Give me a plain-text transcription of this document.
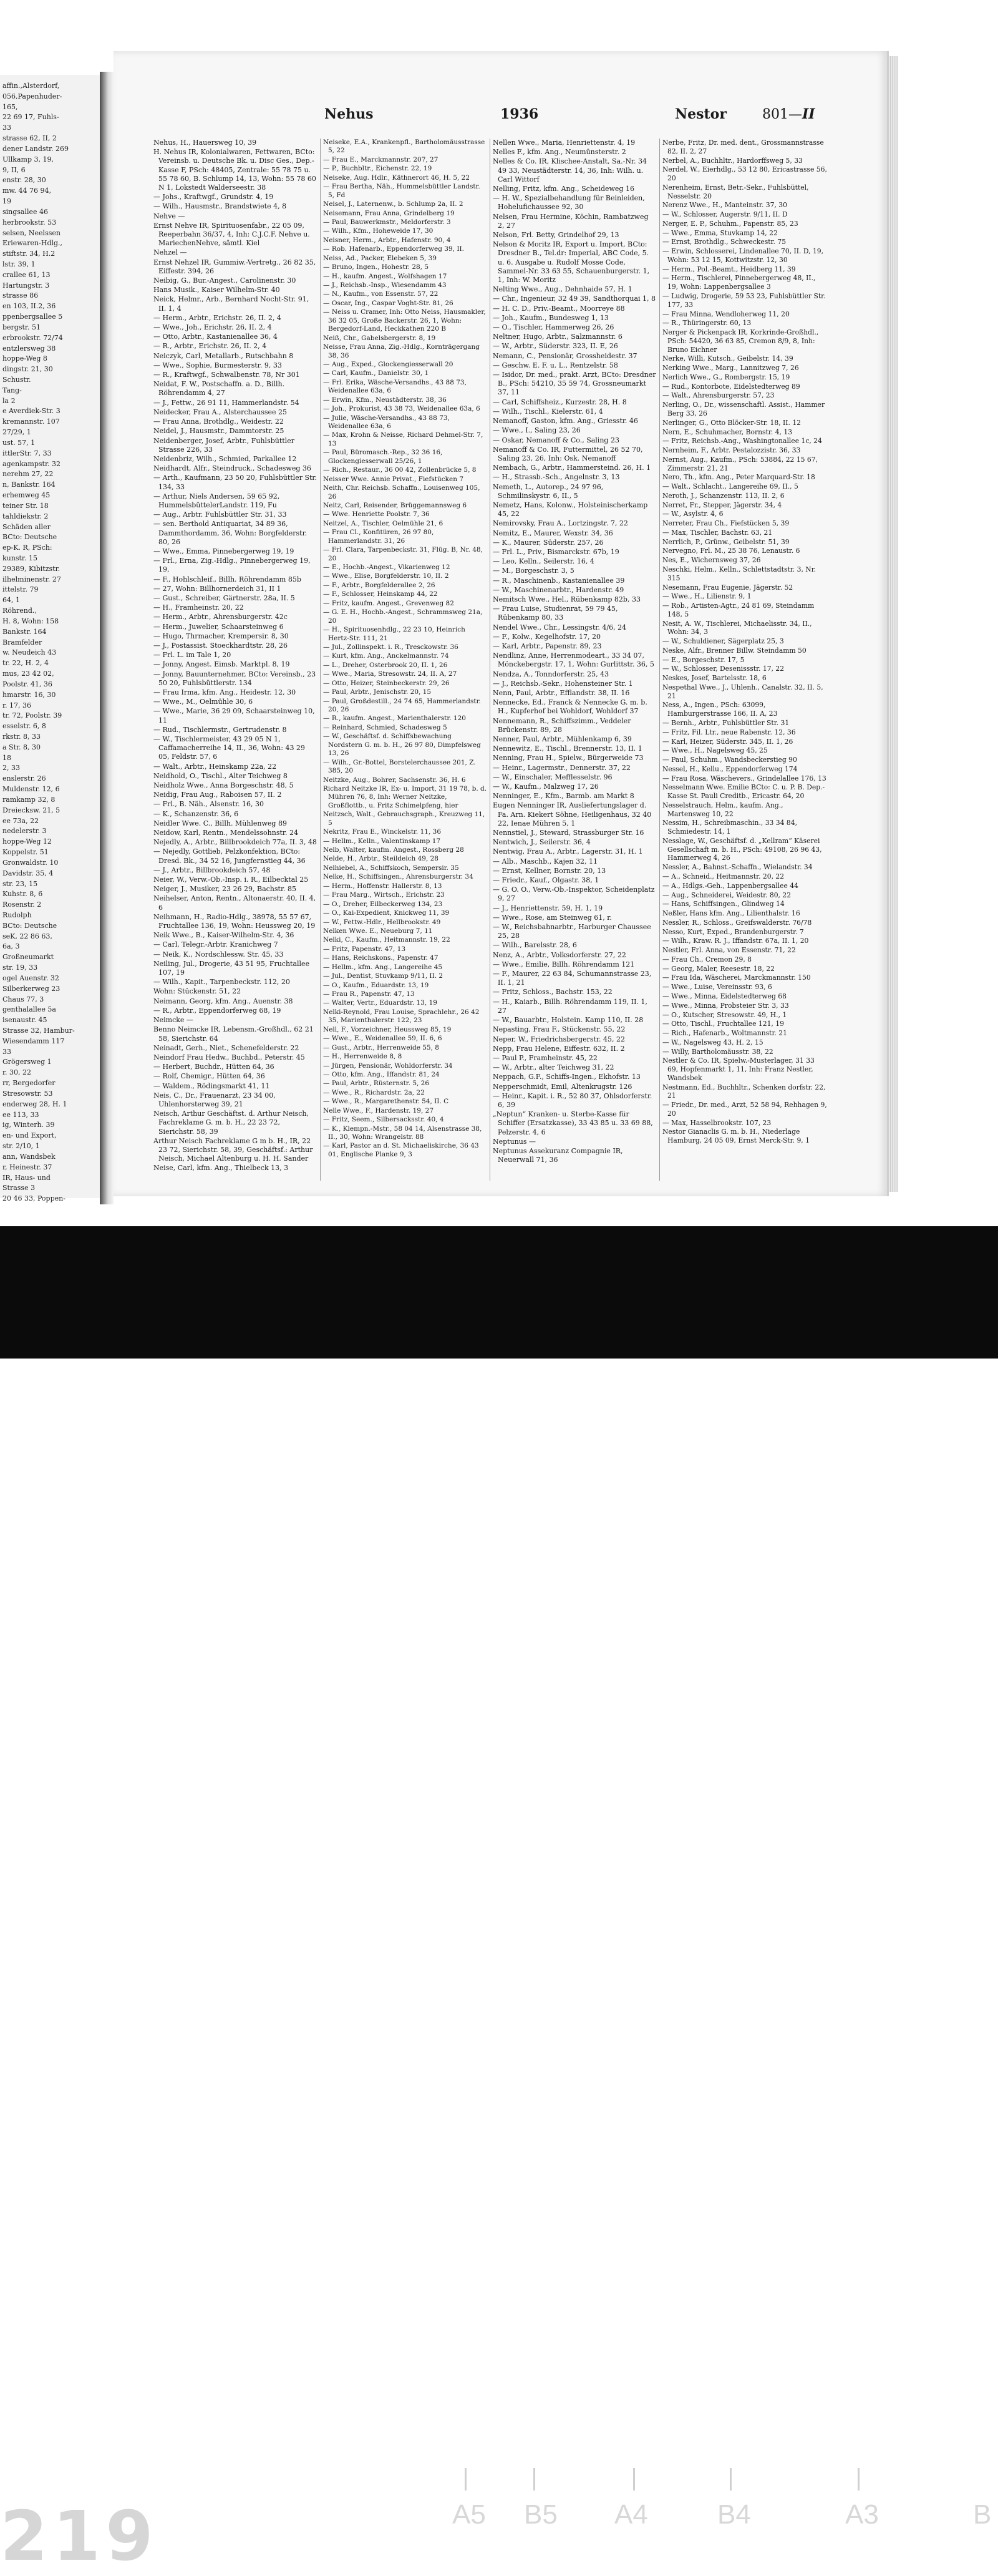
affin.,Alsterdorf,
056,Papenhuder-
165,
22 69 17, Fuhls-
33
strasse 62, II, 2
dener Landstr. 269
Ullkamp 3, 19,
9, II, 6
enstr. 28, 30
mw. 44 76 94,
19
singsallee 46
herbrookstr. 53
selsen, Neelssen
Eriewaren-Hdlg.,
stiftstr. 34, H.2
lstr. 39, 1
crallee 61, 13
Hartungstr. 3
strasse 86
en 103, II.2, 36
ppenbergsallee 5
bergstr. 51
erbrookstr. 72/74
entzlersweg 38
hoppe-Weg 8
dingstr. 21, 30
Schustr.
Tang-
la 2
e Averdiek-Str. 3
kremannstr. 107
27/29, 1
ust. 57, 1
ittlerStr. 7, 33
agenkampstr. 32
nerehm 27, 22
n, Bankstr. 164
erhemweg 45
teiner Str. 18
tahldiekstr. 2
Schäden aller
BCto: Deutsche
ep-K. R, PSch:
kunstr. 15
29389, Kibitzstr.
ilhelminenstr. 27
ittelstr. 79
64, 1
Röhrend.,
H. 8, Wohn: 158
Bankstr. 164
Bramfelder
w. Neudeich 43
tr. 22, H. 2, 4
mus, 23 42 02,
Poolstr. 41, 36
hmarstr. 16, 30
r. 17, 36
tr. 72, Poolstr. 39
esselstr. 6, 8
rkstr. 8, 33
a Str. 8, 30
18
2, 33
enslerstr. 26
Muldenstr. 12, 6
ramkamp 32, 8
Dreiecksw. 21, 5
ee 73a, 22
nedelerstr. 3
hoppe-Weg 12
Koppelstr. 51
Gronwaldstr. 10
Davidstr. 35, 4
str. 23, 15
Kuhstr. 8, 6
Rosenstr. 2
Rudolph
BCto: Deutsche
seK, 22 86 63,
6a, 3
Großneumarkt
str. 19, 33
ogel Auenstr. 32
Silberkerweg 23
Chaus 77, 3
genthalallee 5a
isenaustr. 45
Strasse 32, Hambur-
Wiesendamm 117
33
Grögersweg 1
r. 30, 22
rr, Bergedorfer
Stresowstr. 53
enderweg 28, H. 1
ee 113, 33
ig, Winterh. 39
en- und Export,
str. 2/10, 1
ann, Wandsbek
r, Heinestr. 37
IR, Haus- und
Strasse 3
20 46 33, Poppen-
Nehus	1936	Nestor	801—II
Nehus, H., Hauersweg 10, 39
H. Nehus IR, Kolonialwaren, Fettwaren, BCto: Vereinsb. u. Deutsche Bk. u. Disc Ges., Dep.-Kasse F, PSch: 48405, Zentrale: 55 78 75 u. 55 78 60, B. Schlump 14, 13, Wohn: 55 78 60 N 1, Lokstedt Walderseestr. 38
— Johs., Kraftwgf., Grundstr. 4, 19
— Wilh., Hausmstr., Brandstwiete 4, 8
Nehve —
Ernst Nehve IR, Spirituosenfabr., 22 05 09, Reeperbahn 36/37, 4, Inh: C.J.C.F. Nehve u. MariechenNehve, sämtl. Kiel
Nehzel —
Ernst Nehzel IR, Gummiw.-Vertretg., 26 82 35, Eiffestr. 394, 26
Neibig, G., Bur.-Angest., Carolinenstr. 30
Hans Musik., Kaiser Wilhelm-Str. 40
Neick, Helmr., Arb., Bernhard Nocht-Str. 91, II. 1, 4
— Herm., Arbtr., Erichstr. 26, II. 2, 4
— Wwe., Joh., Erichstr. 26, II. 2, 4
— Otto, Arbtr., Kastanienallee 36, 4
— R., Arbtr., Erichstr. 26, II. 2, 4
Neiczyk, Carl, Metallarb., Rutschbahn 8
— Wwe., Sophie, Burmesterstr. 9, 33
— R., Kraftwgf., Schwalbenstr. 78, Nr 301
Neidat, F. W., Postschaffn. a. D., Billh. Röhrendamm 4, 27
— J., Fettw., 26 91 11, Hammerlandstr. 54
Neidecker, Frau A., Alsterchaussee 25
— Frau Anna, Brothdlg., Weidestr. 22
Neidel, J., Hausmstr., Dammtorstr. 25
Neidenberger, Josef, Arbtr., Fuhlsbüttler Strasse 226, 33
Neidenbriz, Wilh., Schmied, Parkallee 12
Neidhardt, Alfr., Steindruck., Schadesweg 36
— Arth., Kaufmann, 23 50 20, Fuhlsbüttler Str. 134, 33
— Arthur, Niels Andersen, 59 65 92, HummelsbüttelerLandstr. 119, Fu
— Aug., Arbtr. Fuhlsbüttler Str. 31, 33
— sen. Berthold Antiquariat, 34 89 36, Dammthordamm, 36, Wohn: Borgfelderstr. 80, 26
— Wwe., Emma, Pinnebergerweg 19, 19
— Frl., Erna, Zig.-Hdlg., Pinnebergerweg 19, 19,
— F., Hohlschleif., Billh. Röhrendamm 85b
— 27, Wohn: Billhornerdeich 31, II 1
— Gust., Schreiber, Gärtnerstr. 28a, II. 5
— H., Framheinstr. 20, 22
— Herm., Arbtr., Ahrensburgerstr. 42c
— Herm., Juwelier, Schaarsteinweg 6
— Hugo, Thrmacher, Krempersir. 8, 30
— J., Postassist. Stoeckhardtstr. 28, 26
— Frl. L. im Tale 1, 20
— Jonny, Angest. Eimsb. Marktpl. 8, 19
— Jonny, Bauunternehmer, BCto: Vereinsb., 23 50 20, Fuhlsbüttlerstr. 134
— Frau Irma, kfm. Ang., Heidestr. 12, 30
— Wwe., M., Oelmühle 30, 6
— Wwe., Marie, 36 29 09, Schaarsteinweg 10, 11
— Rud., Tischlermstr., Gertrudenstr. 8
— W., Tischlermeister, 43 29 05 N 1, Caffamacherreihe 14, II., 36, Wohn: 43 29 05, Feldstr. 57, 6
— Walt., Arbtr., Heinskamp 22a, 22
Neidhold, O., Tischl., Alter Teichweg 8
Neidholz Wwe., Anna Borgeschstr. 48, 5
Neidig, Frau Aug., Raboisen 57, II. 2
— Frl., B. Näh., Alsenstr. 16, 30
— K., Schanzenstr. 36, 6
Neidler Wwe. C., Billh. Mühlenweg 89
Neidow, Karl, Rentn., Mendelssohnstr. 24
Nejedly, A., Arbtr., Billbrookdeich 77a, II. 3, 48
— Nejedly, Gottlieb, Pelzkonfektion, BCto: Dresd. Bk., 34 52 16, Jungfernstieg 44, 36
— J., Arbtr., Billbrookdeich 57, 48
Neier, W., Verw.-Ob.-Insp. i. R., Eilbecktal 25
Neiger, J., Musiker, 23 26 29, Bachstr. 85
Neihelser, Anton, Rentn., Altonaerstr. 40, II. 4, 6
Neihmann, H., Radio-Hdlg., 38978, 55 57 67, Fruchtallee 136, 19, Wohn: Heussweg 20, 19
Neik Wwe., B., Kaiser-Wilhelm-Str. 4, 36
— Carl, Telegr.-Arbtr. Kranichweg 7
— Neik, K., Nordschlessw. Str. 45, 33
Neiling, Jul., Drogerie, 43 51 95, Fruchtallee 107, 19
— Wilh., Kapit., Tarpenbeckstr. 112, 20
Wohn: Stückenstr. 51, 22
Neimann, Georg, kfm. Ang., Auenstr. 38
— R., Arbtr., Eppendorferweg 68, 19
Neimcke —
Benno Neimcke IR, Lebensm.-Großhdl., 62 21 58, Sierichstr. 64
Neinadt, Gerh., Niet., Schenefelderstr. 22
Neindorf Frau Hedw., Buchbd., Peterstr. 45
— Herbert, Buchdr., Hütten 64, 36
— Rolf, Chemigr., Hütten 64, 36
— Waldem., Rödingsmarkt 41, 11
Neis, C., Dr., Frauenarzt, 23 34 00, Uhlenhorsterweg 39, 21
Neisch, Arthur Geschäftst. d. Arthur Neisch, Fachreklame G. m. b. H., 22 23 72, Sierichstr. 58, 39
Arthur Neisch Fachreklame G m b. H., IR, 22 23 72, Sierichstr. 58, 39, Geschäftsf.: Arthur Neisch, Michael Altenburg u. H. H. Sander
Neise, Carl, kfm. Ang., Thielbeck 13, 3
Neiseke, E.A., Krankenpfl., Bartholomäusstrasse 5, 22
— Frau E., Marckmannstr. 207, 27
— P., Buchbltr., Eichenstr. 22, 19
Neiseke, Aug. Hdlr., Käthnerort 46, H. 5, 22
— Frau Bertha, Näh., Hummelsbüttler Landstr. 5, Fd
Neisel, J., Laternenw., b. Schlump 2a, II. 2
Neisemann, Frau Anna, Grindelberg 19
— Paul, Bauwerkmstr., Meldorferstr. 3
— Wilh., Kfm., Hoheweide 17, 30
Neisner, Herm., Arbtr., Hafenstr. 90, 4
— Rob. Hafenarb., Eppendorferweg 39, II.
Neiss, Ad., Packer, Elebeken 5, 39
— Bruno, Ingen., Hohestr. 28, 5
— H., kaufm. Angest., Wolfshagen 17
— J., Reichsb.-Insp., Wiesendamm 43
— N., Kaufm., von Essenstr. 57, 22
— Oscar, Ing., Caspar Voght-Str. 81, 26
— Neiss u. Cramer, Inh: Otto Neiss, Hausmakler, 36 32 05, Große Backerstr. 26, 1, Wohn: Bergedorf-Land, Heckkathen 220 B
Neiß, Chr., Gabelsbergerstr. 8, 19
Neisse, Frau Anna, Zig.-Hdlg., Kornträgergang 38, 36
— Aug., Exped., Glockengiesserwall 20
— Carl, Kaufm., Danielstr. 30, 1
— Frl. Erika, Wäsche-Versandhs., 43 88 73, Weidenallee 63a, 6
— Erwin, Kfm., Neustädterstr. 38, 36
— Joh., Prokurist, 43 38 73, Weidenallee 63a, 6
— Julie, Wäsche-Versandhs., 43 88 73, Weidenallee 63a, 6
— Max, Krohn & Neisse, Richard Dehmel-Str. 7, 13
— Paul, Büromasch.-Rep., 32 36 16, Glockengiesserwall 25/26, 1
— Rich., Restaur., 36 00 42, Zollenbrücke 5, 8
Neisser Wwe. Annie Privat., Fiefstücken 7
Neith, Chr. Reichsb. Schaffn., Louisenweg 105, 26
Neitz, Carl, Reisender, Brüggemannsweg 6
— Wwe. Henriette Poolstr. 7, 36
Neitzel, A., Tischler, Oelmühle 21, 6
— Frau Cl., Konfitüren, 26 97 80, Hammerlandstr. 31, 26
— Frl. Clara, Tarpenbeckstr. 31, Flüg. B, Nr. 48, 20
— E., Hochb.-Angest., Vikarienweg 12
— Wwe., Elise, Borgfelderstr. 10, II. 2
— F., Arbtr., Borgfelderallee 2, 26
— F., Schlosser, Heinskamp 44, 22
— Fritz, kaufm. Angest., Grevenweg 82
— G. E. H., Hochb.-Angest., Schrammsweg 21a, 20
— H., Spirituosenhdlg., 22 23 10, Heinrich Hertz-Str. 111, 21
— Jul., Zollinspekt. i. R., Tresckowstr. 36
— Kurt, kfm. Ang., Anckelmannstr. 74
— L., Dreher, Osterbrook 20, II. 1, 26
— Wwe., Maria, Stresowstr. 24, II. A, 27
— Otto, Heizer, Steinbeckerstr. 29, 26
— Paul, Arbtr., Jenischstr. 20, 15
— Paul, Großdestill., 24 74 65, Hammerlandstr. 20, 26
— R., kaufm. Angest., Marienthalerstr. 120
— Reinhard, Schmied, Schadesweg 5
— W., Geschäftsf. d. Schiffsbewachung Nordstern G. m. b. H., 26 97 80, Dimpfelsweg 13, 26
— Wilh., Gr.-Bottel, Borstelerchaussee 201, Z. 385, 20
Neitzke, Aug., Bohrer, Sachsenstr. 36, H. 6
Richard Neitzke IR, Ex- u. Import, 31 19 78, b. d. Mühren 76, 8, Inh: Werner Neitzke, Großflottb., u. Fritz Schimelpfeng, hier
Neitzsch, Walt., Gebrauchsgraph., Kreuzweg 11, 5
Nekritz, Frau E., Winckelstr. 11, 36
— Hellm., Kelln., Valentinskamp 17
Nelb, Walter, kaufm. Angest., Rossberg 28
Nelde, H., Arbtr., Steildeich 49, 28
Nelhiebel, A., Schiffskoch, Sempersir. 35
Nelke, H., Schiffsingen., Ahrensburgerstr. 34
— Herm., Hoffenstr. Hallerstr. 8, 13
— Frau Marg., Wirtsch., Erichstr. 23
— O., Dreher, Eilbeckerweg 134, 23
— O., Kai-Expedient, Knickweg 11, 39
— W., Fettw.-Hdlr., Hellbrookstr. 49
Nelken Wwe. E., Neueburg 7, 11
Nelki, C., Kaufm., Heitmannstr. 19, 22
— Fritz, Papenstr. 47, 13
— Hans, Reichskons., Papenstr. 47
— Hellm., kfm. Ang., Langereihe 45
— Jul., Dentist, Stuvkamp 9/11, II. 2
— O., Kaufm., Eduardstr. 13, 19
— Frau R., Papenstr. 47, 13
— Walter, Vertr., Eduardstr. 13, 19
Nelki-Reynold, Frau Louise, Sprachlehr., 26 42 35, Marienthalerstr. 122, 23
Nell, F., Vorzeichner, Heussweg 85, 19
— Wwe., E., Weidenallee 59, II. 6, 6
— Gust., Arbtr., Herrenweide 55, 8
— H., Herrenweide 8, 8
— Jürgen, Pensionär, Wohldorferstr. 34
— Otto, kfm. Ang., Iffandstr. 81, 24
— Paul, Arbtr., Rüsternstr. 5, 26
— Wwe., R., Richardstr. 2a, 22
— Wwe., R., Margarethenstr. 54, II. C
Nelle Wwe., F., Hardenstr. 19, 27
— Fritz, Seem., Silbersacksstr. 40, 4
— K., Klempn.-Mstr., 58 04 14, Alsenstrasse 38, II., 30, Wohn: Wrangelstr. 88
— Karl, Pastor an d. St. Michaeliskirche, 36 43 01, Englische Planke 9, 3
Nellen Wwe., Maria, Henriettenstr. 4, 19
Nelles F., kfm. Ang., Neumünsterstr. 2
Nelles & Co. IR, Klischee-Anstalt, Sa.-Nr. 34 49 33, Neustädterstr. 14, 36, Inh: Wilh. u. Carl Wittorf
Nelling, Fritz, kfm. Ang., Scheideweg 16
— H. W., Spezialbehandlung für Beinleiden, Hohelufichaussee 92, 30
Nelsen, Frau Hermine, Köchin, Rambatzweg 2, 27
Nelson, Frl. Betty, Grindelhof 29, 13
Nelson & Moritz IR, Export u. Import, BCto: Dresdner B., Tel.dr: Imperial, ABC Code, 5. u. 6. Ausgabe u. Rudolf Mosse Code, Sammel-Nr. 33 63 55, Schauenburgerstr. 1, 1, Inh: W. Moritz
Nelting Wwe., Aug., Dehnhaide 57, H. 1
— Chr., Ingenieur, 32 49 39, Sandthorquai 1, 8
— H. C. D., Priv.-Beamt., Moorreye 88
— Joh., Kaufm., Bundesweg 1, 13
— O., Tischler, Hammerweg 26, 26
Neltner, Hugo, Arbtr., Salzmannstr. 6
— W., Arbtr., Süderstr. 323, II. E, 26
Nemann, C., Pensionär, Grossheidestr. 37
— Geschw. E. F. u. L., Rentzelstr. 58
— Isidor, Dr. med., prakt. Arzt, BCto: Dresdner B., PSch: 54210, 35 59 74, Grossneumarkt 37, 11
— Carl, Schiffsheiz., Kurzestr. 28, H. 8
— Wilh., Tischl., Kielerstr. 61, 4
Nemanoff, Gaston, kfm. Ang., Griesstr. 46
— Wwe., I., Saling 23, 26
— Oskar, Nemanoff & Co., Saling 23
Nemanoff & Co. IR, Futtermittel, 26 52 70, Saling 23, 26, Inh: Osk. Nemanoff
Nembach, G., Arbtr., Hammersteind. 26, H. 1
— H., Strassb.-Sch., Angelnstr. 3, 13
Nemeth, L., Autorep., 24 97 96, Schmilinskystr. 6, II., 5
Nemetz, Hans, Kolonw., Holsteinischerkamp 45, 22
Nemirovsky, Frau A., Lortzingstr. 7, 22
Nemitz, E., Maurer, Wexstr. 34, 36
— K., Maurer, Süderstr. 257, 26
— Frl. L., Priv., Bismarckstr. 67b, 19
— Leo, Kelln., Seilerstr. 16, 4
— M., Borgeschstr. 3, 5
— R., Maschinenb., Kastanienallee 39
— W., Maschinenarbtr., Hardenstr. 49
Nemitsch Wwe., Hel., Rübenkamp 82b, 33
— Frau Luise, Studienrat, 59 79 45, Rübenkamp 80, 33
Nendel Wwe., Chr., Lessingstr. 4/6, 24
— F., Kolw., Kegelhofstr. 17, 20
— Karl, Arbtr., Papenstr. 89, 23
Nendlinz, Anne, Herrenmodeart., 33 34 07, Mönckebergstr. 17, 1, Wohn: Gurlittstr. 36, 5
Nendza, A., Tonndorferstr. 25, 43
— J., Reichsb.-Sekr., Hohensteiner Str. 1
Nenn, Paul, Arbtr., Efflandstr. 38, II. 16
Nennecke, Ed., Franck & Nennecke G. m. b. H., Kupferhof bei Wohldorf, Wohldorf 37
Nennemann, R., Schiffszimm., Veddeler Brückenstr. 89, 28
Nenner, Paul, Arbtr., Mühlenkamp 6, 39
Nennewitz, E., Tischl., Brennerstr. 13, II. 1
Nenning, Frau H., Spielw., Bürgerweide 73
— Heinr., Lagermstr., Dennerstr. 37, 22
— W., Einschaler, Mefflesselstr. 96
— W., Kaufm., Malzweg 17, 26
Nenninger, E., Kfm., Barmb. am Markt 8
Eugen Nenninger IR, Ausliefertungslager d. Fa. Arn. Kiekert Söhne, Heiligenhaus, 32 40 22, Ienae Mühren 5, 1
Nennstiel, J., Steward, Strassburger Str. 16
Nentwich, J., Seilerstr. 36, 4
Nentwig, Frau A., Arbtr., Lagerstr. 31, H. 1
— Alb., Maschb., Kajen 32, 11
— Ernst, Kellner, Bornstr. 20, 13
— Friedr., Kauf., Olgastr. 38, 1
— G. O. O., Verw.-Ob.-Inspektor, Scheidenplatz 9, 27
— J., Henriettenstr. 59, H. 1, 19
— Wwe., Rose, am Steinweg 61, r.
— W., Reichsbahnarbtr., Harburger Chaussee 25, 28
— Wilh., Barelsstr. 28, 6
Nenz, A., Arbtr., Volksdorferstr. 27, 22
— Wwe., Emilie, Billh. Röhrendamm 121
— F., Maurer, 22 63 84, Schumannstrasse 23, II. 1, 21
— Fritz, Schloss., Bachstr. 153, 22
— H., Kaiarb., Billh. Röhrendamm 119, II. 1, 27
— W., Bauarbtr., Holstein. Kamp 110, II. 28
Nepasting, Frau F., Stückenstr. 55, 22
Neper, W., Friedrichsbergerstr. 45, 22
Nepp, Frau Helene, Eiffestr. 632, II. 2
— Paul P., Framheinstr. 45, 22
— W., Arbtr., alter Teichweg 31, 22
Neppach, G.F., Schiffs-Ingen., Ekhofstr. 13
Nepperschmidt, Emil, Altenkrugstr. 126
— Heinr., Kapit. i. R., 52 80 37, Ohlsdorferstr. 6, 39
„Neptun“ Kranken- u. Sterbe-Kasse für Schiffer (Ersatzkasse), 33 43 85 u. 33 69 88, Pelzerstr. 4, 6
Neptunus —
Neptunus Assekuranz Compagnie IR, Neuerwall 71, 36
Nerbe, Fritz, Dr. med. dent., Grossmannstrasse 82, II. 2, 27
Nerbel, A., Buchhltr., Hardorffsweg 5, 33
Nerdel, W., Eierhdlg., 53 12 80, Ericastrasse 56, 20
Nerenheim, Ernst, Betr.-Sekr., Fuhlsbüttel, Nesselstr. 20
Nerenz Wwe., H., Manteinstr. 37, 30
— W., Schlosser, Augerstr. 9/11, II. D
Nerger, E. P., Schuhm., Papenstr. 85, 23
— Wwe., Emma, Stuvkamp 14, 22
— Ernst, Brothdlg., Schweckestr. 75
— Erwin, Schlosserei, Lindenallee 70, II. D, 19, Wohn: 53 12 15, Kottwitzstr. 12, 30
— Herm., Pol.-Beamt., Heidberg 11, 39
— Herm., Tischlerei, Pinnebergerweg 48, II., 19, Wohn: Lappenbergsallee 3
— Ludwig, Drogerie, 59 53 23, Fuhlsbüttler Str. 177, 33
— Frau Minna, Wendloherweg 11, 20
— R., Thüringerstr. 60, 13
Nerger & Pickenpack IR, Korkrinde-Großhdl., PSch: 54420, 36 63 85, Cremon 8/9, 8, Inh: Bruno Eichner
Nerke, Willi, Kutsch., Geibelstr. 14, 39
Nerking Wwe., Marg., Lannitzweg 7, 26
Nerlich Wwe., G., Rombergstr. 15, 19
— Rud., Kontorbote, Eidelstedterweg 89
— Walt., Ahrensburgerstr. 57, 23
Nerling, O., Dr., wissenschaftl. Assist., Hammer Berg 33, 26
Nerlinger, G., Otto Blöcker-Str. 18, II. 12
Nern, E., Schuhmacher, Bornstr. 4, 13
— Fritz, Reichsb.-Ang., Washingtonallee 1c, 24
Nernheim, F., Arbtr. Pestalozzistr. 36, 33
Nernst, Aug., Kaufm., PSch: 53884, 22 15 67, Zimmerstr. 21, 21
Nero, Th., kfm. Ang., Peter Marquard-Str. 18
— Walt., Schlacht., Langereihe 69, II., 5
Neroth, J., Schanzenstr. 113, II. 2, 6
Nerret, Fr., Stepper, Jägerstr. 34, 4
— W., Asylstr. 4, 6
Nerreter, Frau Ch., Fiefstücken 5, 39
— Max, Tischler, Bachstr. 63, 21
Nerrlich, P., Grünw., Geibelstr. 51, 39
Nervegno, Frl. M., 25 38 76, Lenaustr. 6
Nes, E., Wichernsweg 37, 26
Neschki, Helm., Kelln., Schlettstadtstr. 3, Nr. 315
Nesemann, Frau Eugenie, Jägerstr. 52
— Wwe., H., Lilienstr. 9, 1
— Rob., Artisten-Agtr., 24 81 69, Steindamm 148, 5
Nesit, A. W., Tischlerei, Michaelisstr. 34, II., Wohn: 34, 3
— W., Schuldiener, Sägerplatz 25, 3
Neske, Alfr., Brenner Billw. Steindamm 50
— E., Borgeschstr. 17, 5
— W., Schlosser, Desenissstr. 17, 22
Neskes, Josef, Bartelsstr. 18, 6
Nespethal Wwe., J., Uhlenh., Canalstr. 32, II. 5, 21
Ness, A., Ingen., PSch: 63099, Hamburgerstrasse 166, II. A, 23
— Bernh., Arbtr., Fuhlsbüttler Str. 31
— Fritz, Fil. Ltr., neue Rabenstr. 12, 36
— Karl, Heizer, Süderstr. 345, II. 1, 26
— Wwe., H., Nagelsweg 45, 25
— Paul, Schuhm., Wandsbeckerstieg 90
Nessel, H., Kellu., Eppendorferweg 174
— Frau Rosa, Wäschevers., Grindelallee 176, 13
Nesselmann Wwe. Emilie BCto: C. u. P. B. Dep.-Kasse St. Pauli Creditb., Ericastr. 64, 20
Nesselstrauch, Helm., kaufm. Ang., Martensweg 10, 22
Nessim, H., Schreibmaschin., 33 34 84, Schmiedestr. 14, 1
Nesslage, W., Geschäftsf. d. „Kellram“ Käserei Gesellschaft m. b. H., PSch: 49108, 26 96 43, Hammerweg 4, 26
Nessler, A., Bahnst.-Schaffn., Wielandstr. 34
— A., Schneid., Heitmannstr. 20, 22
— A., Hdlgs.-Geh., Lappenbergsallee 44
— Aug., Schneiderei, Weidestr. 80, 22
— Hans, Schiffsingen., Glindweg 14
Neßler, Hans kfm. Ang., Lilienthalstr. 16
Nessler, R., Schloss., Greifswalderstr. 76/78
Nesso, Kurt, Exped., Brandenburgerstr. 7
— Wilh., Kraw. R. J., Iffandstr. 67a, II. 1, 20
Nestler, Frl. Anna, von Essenstr. 71, 22
— Frau Ch., Cremon 29, 8
— Georg, Maler, Reesestr. 18, 22
— Frau Ida, Wäscherei, Marckmannstr. 150
— Wwe., Luise, Vereinsstr. 93, 6
— Wwe., Minna, Eidelstedterweg 68
— Wwe., Minna, Probsteier Str. 3, 33
— O., Kutscher, Stresowstr. 49, H., 1
— Otto, Tischl., Fruchtallee 121, 19
— Rich., Hafenarb., Woltmannstr. 21
— W., Nagelsweg 43, H. 2, 15
— Willy, Bartholomäusstr. 38, 22
Nestler & Co. IR, Spielw.-Musterlager, 31 33 69, Hopfenmarkt 1, 11, Inh: Franz Nestler, Wandsbek
Nestmann, Ed., Buchhltr., Schenken dorfstr. 22, 21
— Friedr., Dr. med., Arzt, 52 58 94, Rehhagen 9, 20
— Max, Hasselbrookstr. 107, 23
Nestor Gianaclis G. m. b. H., Niederlage Hamburg, 24 05 09, Ernst Merck-Str. 9, 1
219	A5 B5 A4	B4	A3	B
